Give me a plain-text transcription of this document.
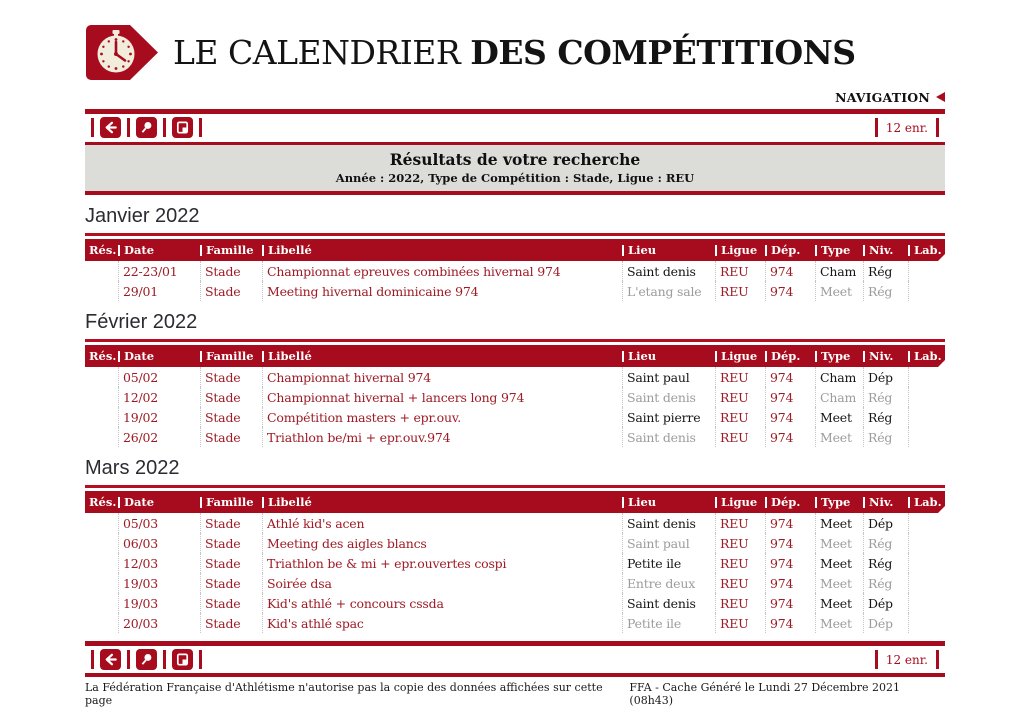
LE CALENDRIER DES COMPÉTITIONS
NAVIGATION
12 enr.
Résultats de votre recherche
Année : 2022, Type de Compétition : Stade, Ligue : REU
Janvier 2022
Rés. Date	Famille	Libellé	Lieu	Ligue	Dép.	Type	Niv.	Lab.
22-23/01	Stade	Championnat epreuves combinées hivernal 974	Saint denis	REU	974	Cham Rég
29/01	Stade	Meeting hivernal dominicaine 974	L'etang sale	REU	974	Meet	Rég
Février 2022
Rés. Date	Famille	Libellé	Lieu	Ligue	Dép.	Type	Niv.	Lab.
05/02	Stade	Championnat hivernal 974	Saint paul	REU	974	Cham Dép
12/02	Stade	Championnat hivernal + lancers long 974	Saint denis	REU	974	Cham Rég
19/02	Stade	Compétition masters + epr.ouv.	Saint pierre	REU	974	Meet	Rég
26/02	Stade	Triathlon be/mi + epr.ouv.974	Saint denis	REU	974	Meet	Rég
Mars 2022
Rés. Date	Famille	Libellé	Lieu	Ligue	Dép.	Type	Niv.	Lab.
05/03	Stade	Athlé kid's acen	Saint denis	REU	974	Meet	Dép
06/03	Stade	Meeting des aigles blancs	Saint paul	REU	974	Meet	Rég
12/03	Stade	Triathlon be & mi + epr.ouvertes cospi	Petite ile	REU	974	Meet	Rég
19/03	Stade	Soirée dsa	Entre deux	REU	974	Meet	Rég
19/03	Stade	Kid's athlé + concours cssda	Saint denis	REU	974	Meet	Dép
20/03	Stade	Kid's athlé spac	Petite ile	REU	974	Meet	Dép
12 enr.
La Fédération Française d'Athlétisme n'autorise pas la copie des données affichées sur cette page
FFA - Cache Généré le Lundi 27 Décembre 2021 (08h43)
